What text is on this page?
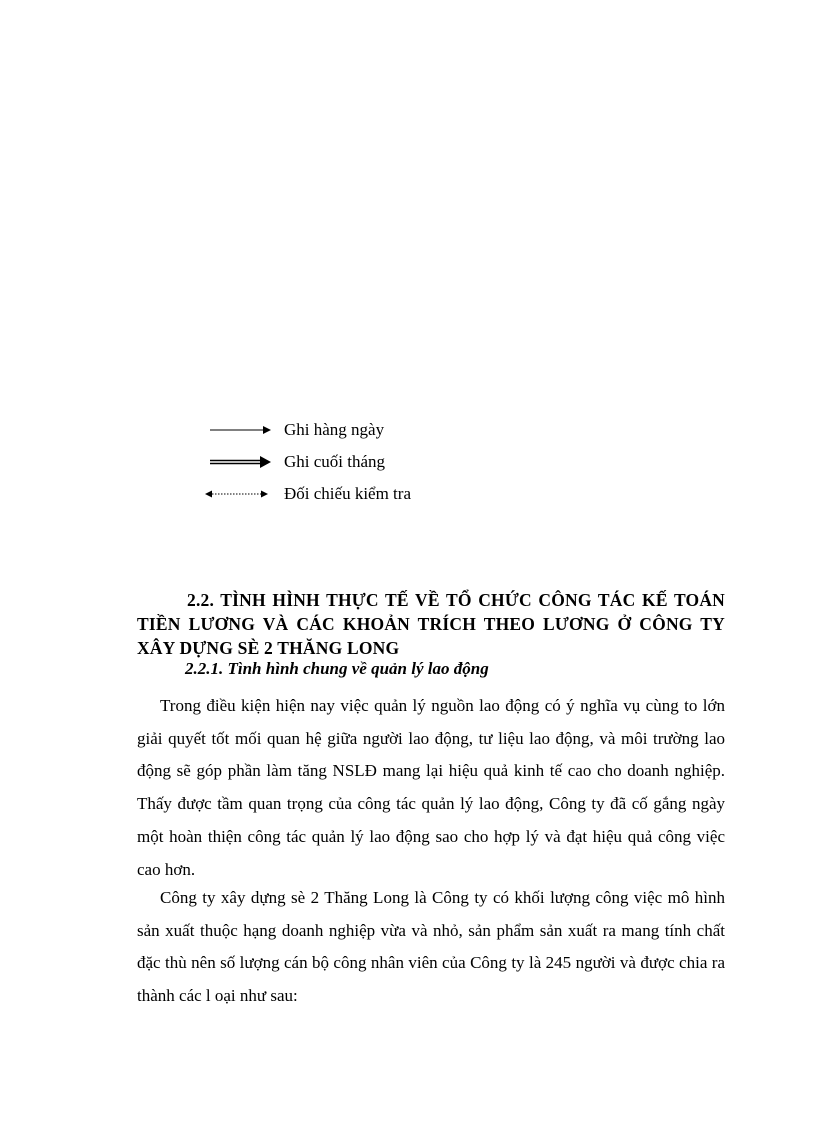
Ghi hàng ngày
Ghi cuối tháng
Đối chiếu kiểm tra
2.2. TÌNH HÌNH THỰC TẾ VỀ TỔ CHỨC CÔNG TÁC KẾ TOÁN TIỀN LƯƠNG VÀ CÁC KHOẢN TRÍCH THEO LƯƠNG Ở CÔNG TY XÂY DỰNG SÈ 2 THĂNG LONG
2.2.1. Tình hình chung về quản lý lao động

Trong điều kiện hiện nay việc quản lý nguồn lao động có ý nghĩa vụ cùng to lớn giải quyết tốt mối quan hệ giữa người lao động, tư liệu lao động, và môi trường lao động sẽ góp phần làm tăng NSLĐ mang lại hiệu quả kinh tế cao cho doanh nghiệp. Thấy được tầm quan trọng của công tác quản lý lao động, Công ty đã cố gắng ngày một hoàn thiện công tác quản lý lao động sao cho hợp lý và đạt hiệu quả công việc cao hơn.

Công ty xây dựng sè 2 Thăng Long là Công ty có khối lượng công việc mô hình sản xuất thuộc hạng doanh nghiệp vừa và nhỏ, sản phẩm sản xuất ra mang tính chất đặc thù nên số lượng cán bộ công nhân viên của Công ty là 245 người và được chia ra thành các l oại như sau:
